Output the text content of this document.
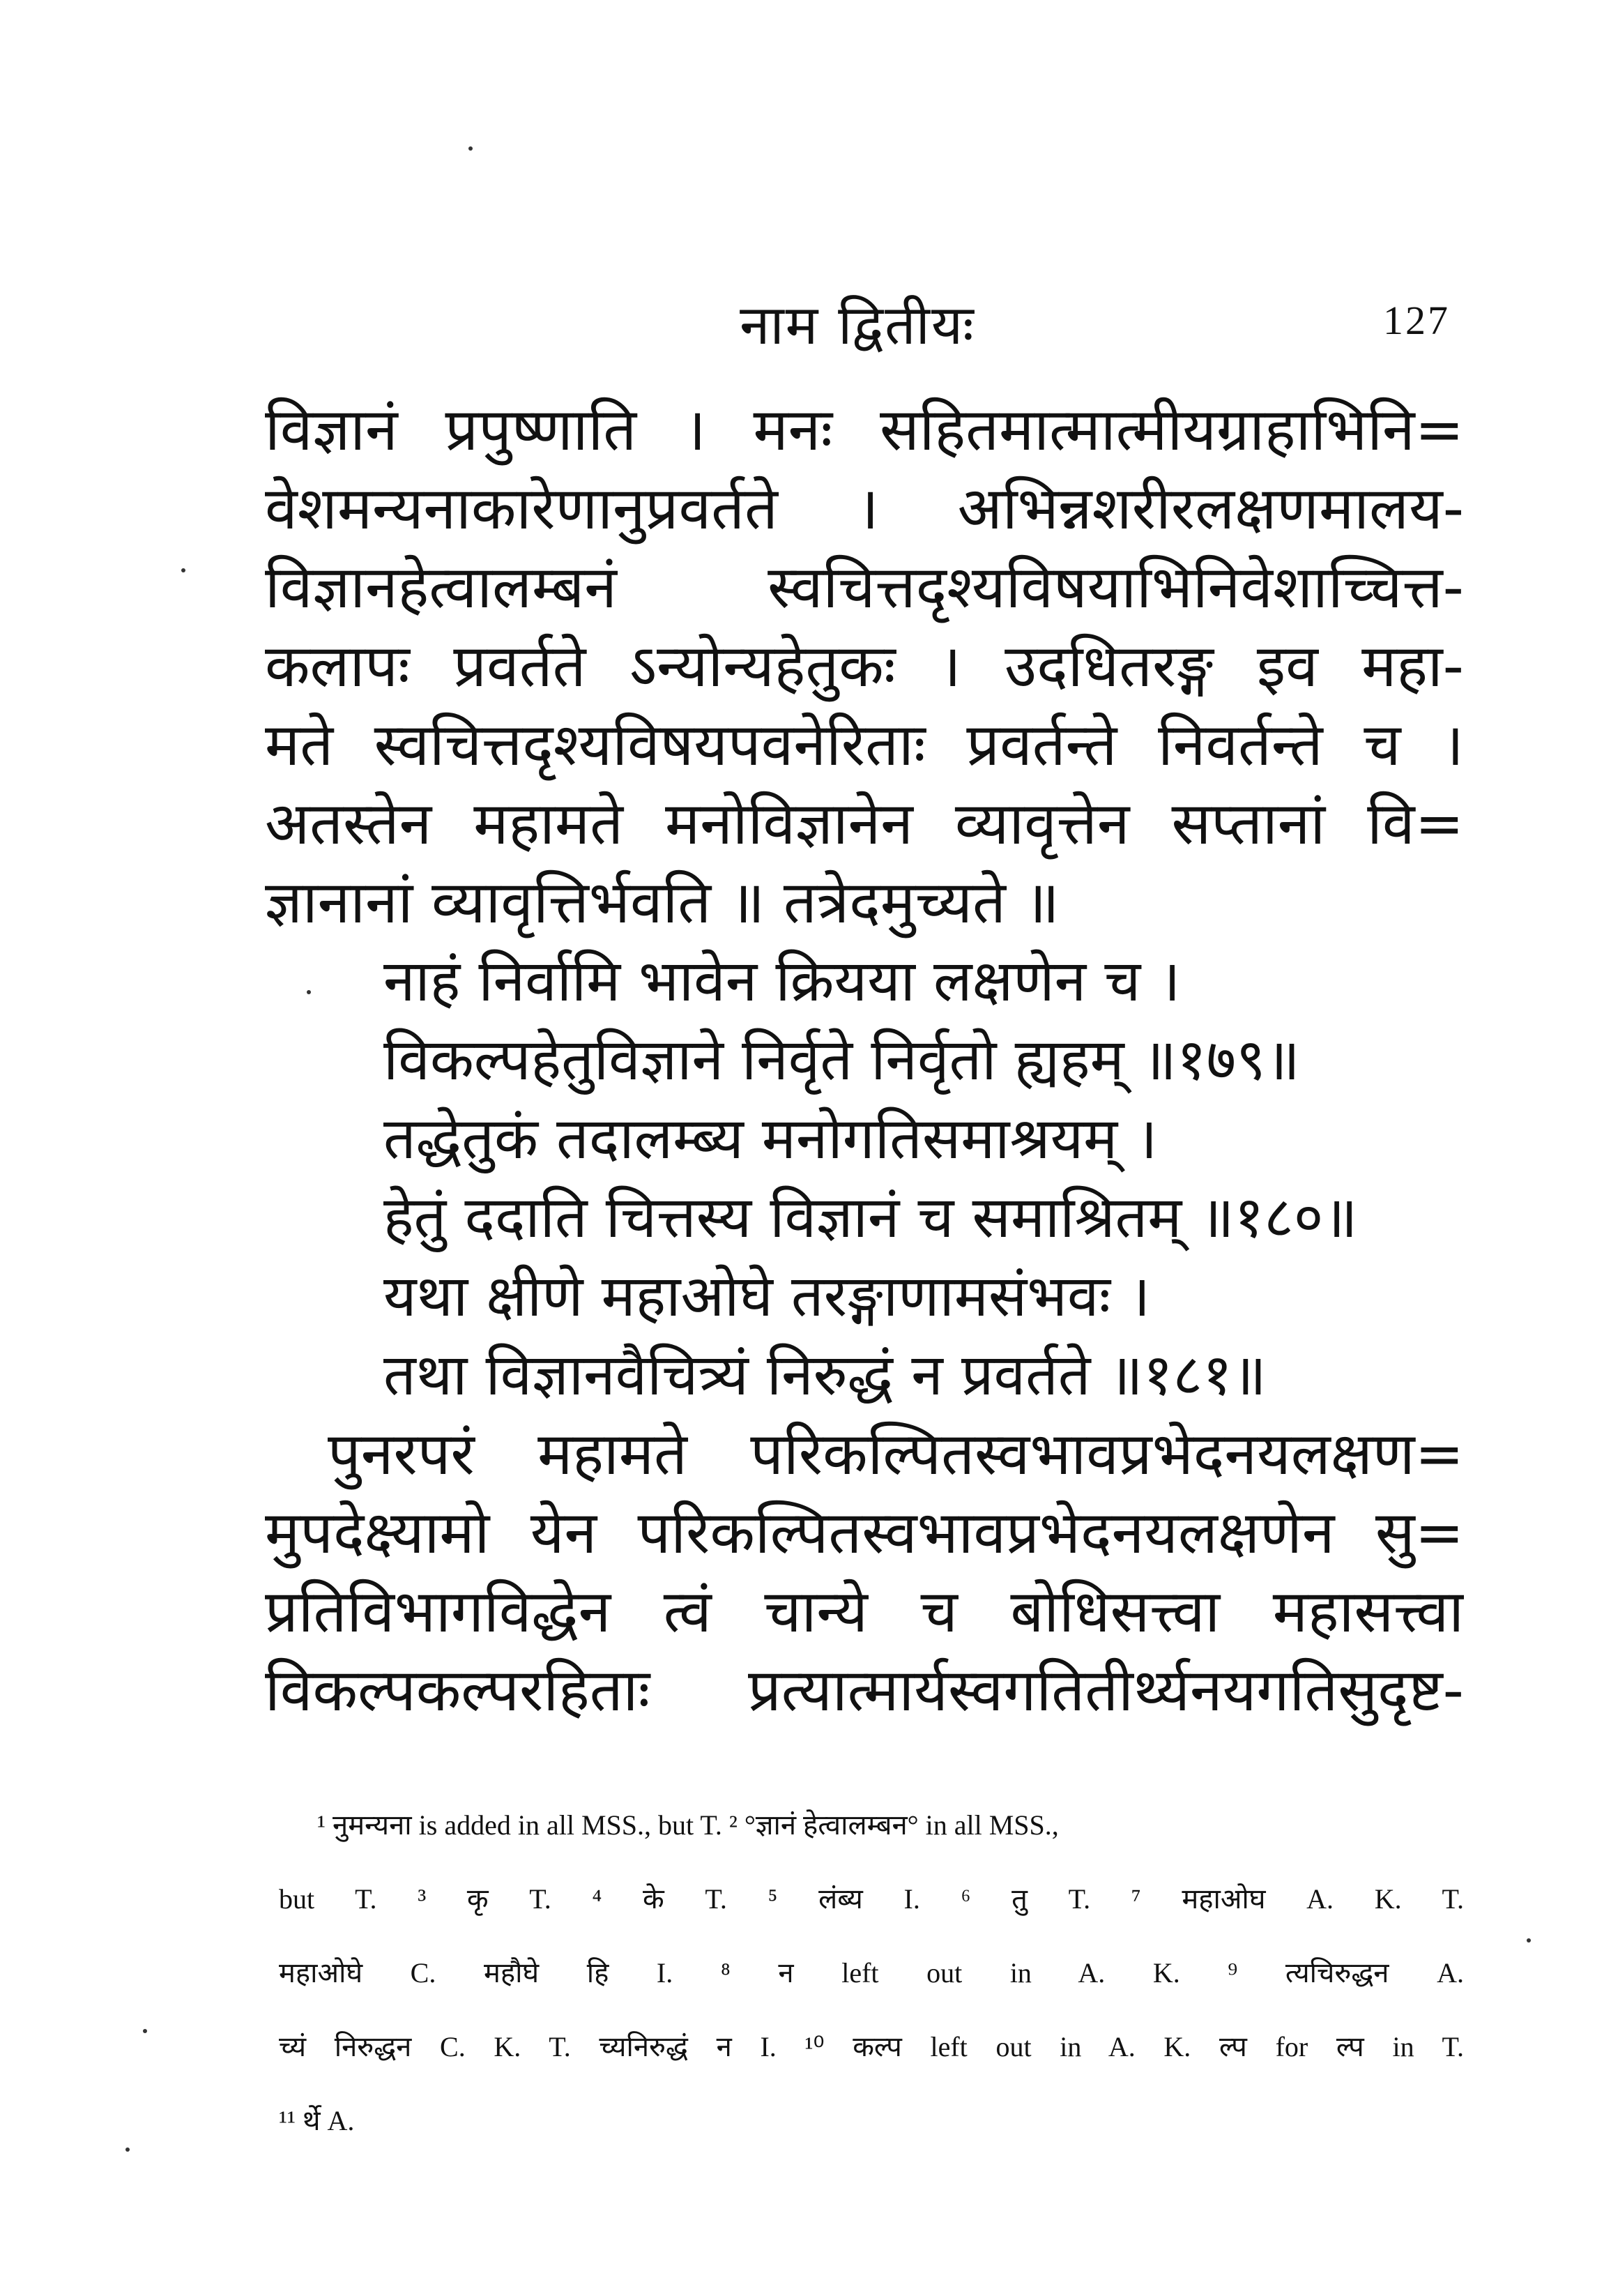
नाम द्वितीयः	127
विज्ञानं प्रपुष्णाति । मनः सहितमात्मात्मीयग्राहाभिनि=
वेशमन्यनाकारेणानुप्रवर्तते । अभिन्नशरीरलक्षणमालय-
विज्ञानहेत्वालम्बनं स्वचित्तदृश्यविषयाभिनिवेशाच्चित्त-
कलापः प्रवर्तते ऽन्योन्यहेतुकः । उदधितरङ्ग इव महा-
मते स्वचित्तदृश्यविषयपवनेरिताः प्रवर्तन्ते निवर्तन्ते च ।
अतस्तेन महामते मनोविज्ञानेन व्यावृत्तेन सप्तानां वि=
ज्ञानानां व्यावृत्तिर्भवति ॥ तत्रेदमुच्यते ॥
नाहं निर्वामि भावेन क्रियया लक्षणेन च ।
विकल्पहेतुविज्ञाने निर्वृते निर्वृतो ह्यहम् ॥१७९॥
तद्धेतुकं तदालम्ब्य मनोगतिसमाश्रयम् ।
हेतुं ददाति चित्तस्य विज्ञानं च समाश्रितम् ॥१८०॥
यथा क्षीणे महाओघे तरङ्गाणामसंभवः ।
तथा विज्ञानवैचित्र्यं निरुद्धं न प्रवर्तते ॥१८१॥
पुनरपरं महामते परिकल्पितस्वभावप्रभेदनयलक्षण=
मुपदेक्ष्यामो येन परिकल्पितस्वभावप्रभेदनयलक्षणेन सु=
प्रतिविभागविद्धेन त्वं चान्ये च बोधिसत्त्वा महासत्त्वा
विकल्पकल्परहिताः प्रत्यात्मार्यस्वगतितीर्थ्यनयगतिसुदृष्ट-
¹ नुमन्यना is added in all MSS., but T. ² °ज्ञानं हेत्वालम्बन° in all MSS.,
but T. ³ कृ T. ⁴ के T. ⁵ लंब्य I. ⁶ तु T. ⁷ महाओघ A. K. T.
महाओघे C. महौघे हि I. ⁸ न left out in A. K. ⁹ त्यचिरुद्धन A.
च्यं निरुद्धन C. K. T. च्यनिरुद्धं न I. ¹⁰ कल्प left out in A. K. ल्प for ल्प in T.
¹¹ र्थे A.
